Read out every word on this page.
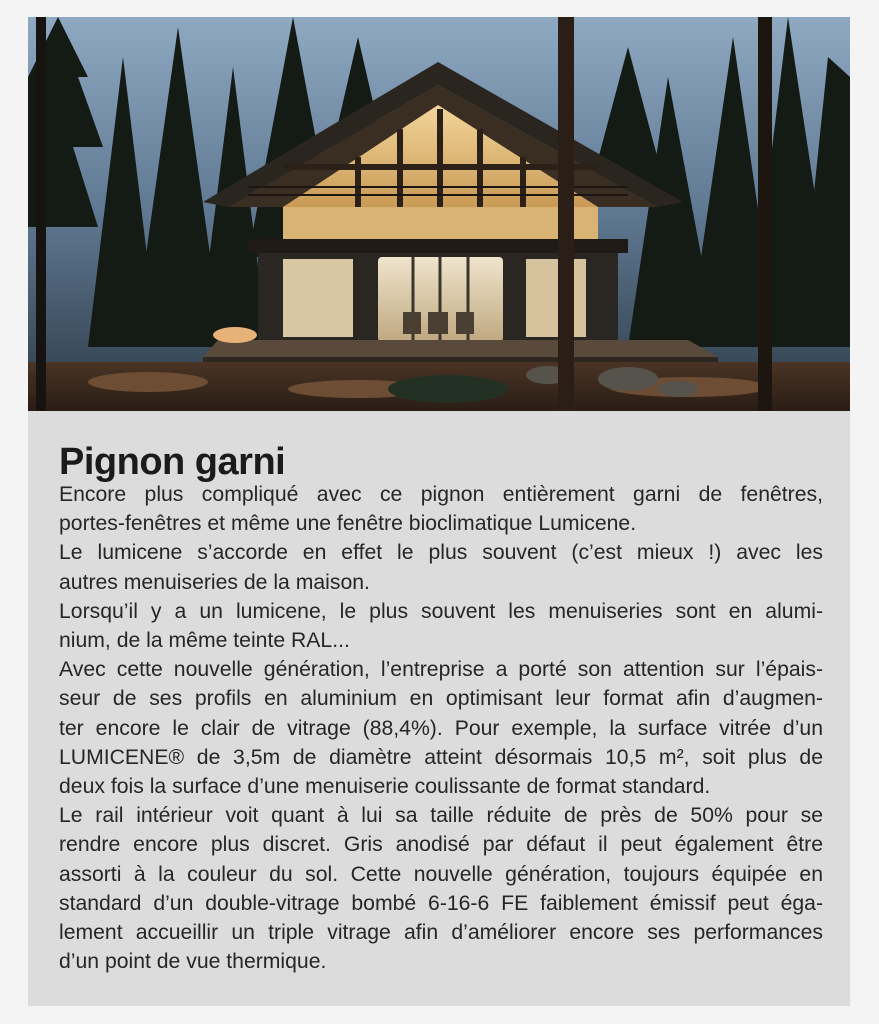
Pignon garni
Encore plus compliqué avec ce pignon entièrement garni de fenêtres,
portes-fenêtres et même une fenêtre bioclimatique Lumicene.
Le lumicene s’accorde en effet le plus souvent (c’est mieux !) avec les
autres menuiseries de la maison.
Lorsqu’il y a un lumicene, le plus souvent les menuiseries sont en alumi-
nium, de la même teinte RAL...
Avec cette nouvelle génération, l’entreprise a porté son attention sur l’épais-
seur de ses profils en aluminium en optimisant leur format afin d’augmen-
ter encore le clair de vitrage (88,4%). Pour exemple, la surface vitrée d’un
LUMICENE® de 3,5m de diamètre atteint désormais 10,5 m², soit plus de
deux fois la surface d’une menuiserie coulissante de format standard.
Le rail intérieur voit quant à lui sa taille réduite de près de 50% pour se
rendre encore plus discret. Gris anodisé par défaut il peut également être
assorti à la couleur du sol. Cette nouvelle génération, toujours équipée en
standard d’un double-vitrage bombé 6-16-6 FE faiblement émissif peut éga-
lement accueillir un triple vitrage afin d’améliorer encore ses performances
d’un point de vue thermique.
